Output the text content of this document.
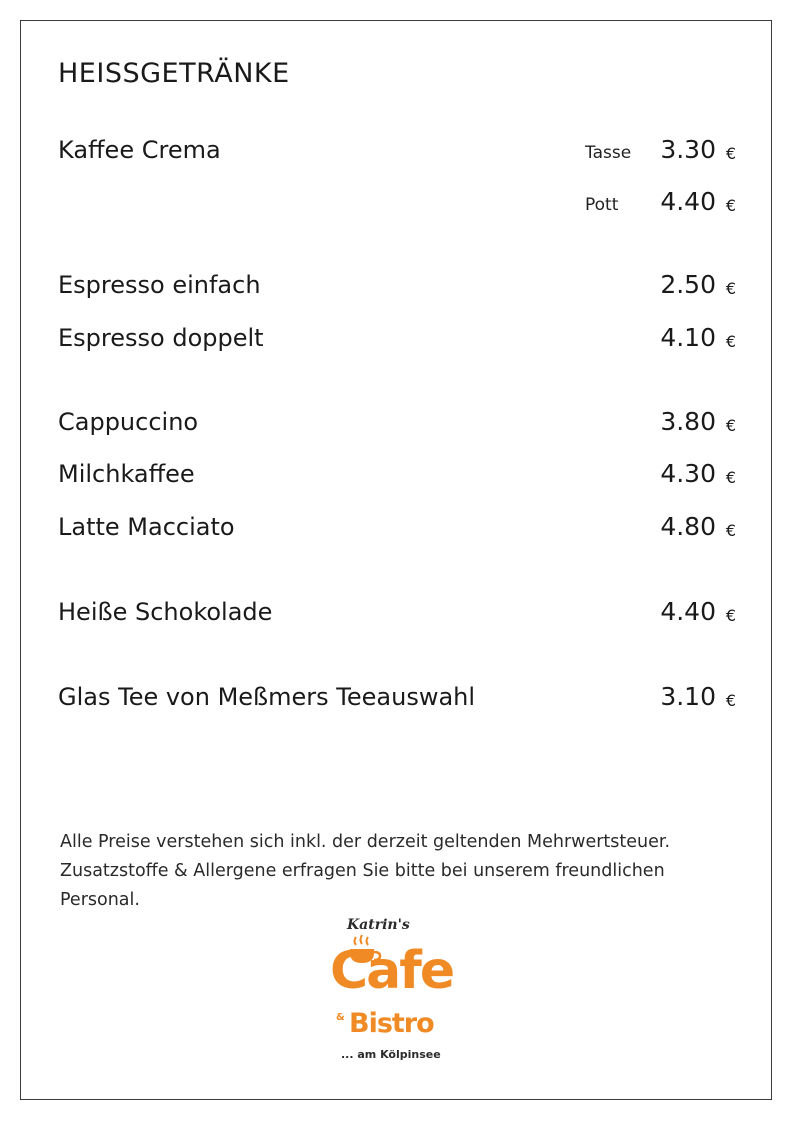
HEISSGETRÄNKE
Kaffee Crema	Tasse 3.30 €
Pott 4.40 €
Espresso einfach	2.50 €
Espresso doppelt	4.10 €
Cappuccino	3.80 €
Milchkaffee	4.30 €
Latte Macciato	4.80 €
Heiße Schokolade	4.40 €
Glas Tee von Meßmers Teeauswahl	3.10 €
Alle Preise verstehen sich inkl. der derzeit geltenden Mehrwertsteuer.
Zusatzstoffe & Allergene erfragen Sie bitte bei unserem freundlichen Personal.
Katrin's
Cafe
& Bistro
... am Kölpinsee
